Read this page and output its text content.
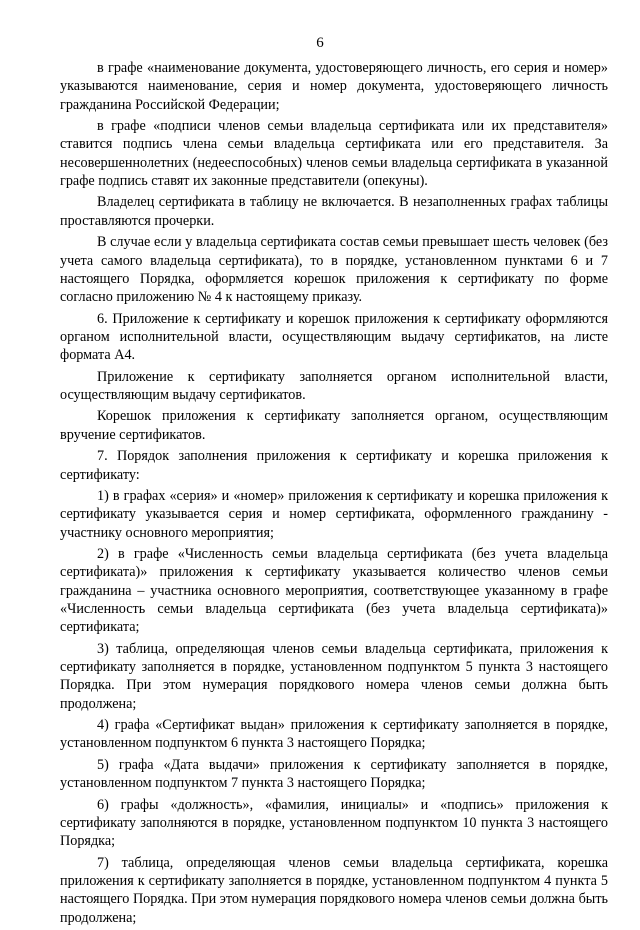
6

в графе «наименование документа, удостоверяющего личность, его серия и номер» указываются наименование, серия и номер документа, удостоверяющего личность гражданина Российской Федерации;

в графе «подписи членов семьи владельца сертификата или их представителя» ставится подпись члена семьи владельца сертификата или его представителя. За несовершеннолетних (недееспособных) членов семьи владельца сертификата в указанной графе подпись ставят их законные представители (опекуны).

Владелец сертификата в таблицу не включается. В незаполненных графах таблицы проставляются прочерки.

В случае если у владельца сертификата состав семьи превышает шесть человек (без учета самого владельца сертификата), то в порядке, установленном пунктами 6 и 7 настоящего Порядка, оформляется корешок приложения к сертификату по форме согласно приложению № 4 к настоящему приказу.

6. Приложение к сертификату и корешок приложения к сертификату оформляются органом исполнительной власти, осуществляющим выдачу сертификатов, на листе формата А4.

Приложение к сертификату заполняется органом исполнительной власти, осуществляющим выдачу сертификатов.

Корешок приложения к сертификату заполняется органом, осуществляющим вручение сертификатов.

7. Порядок заполнения приложения к сертификату и корешка приложения к сертификату:

1) в графах «серия» и «номер» приложения к сертификату и корешка приложения к сертификату указывается серия и номер сертификата, оформленного гражданину - участнику основного мероприятия;

2) в графе «Численность семьи владельца сертификата (без учета владельца сертификата)» приложения к сертификату указывается количество членов семьи гражданина – участника основного мероприятия, соответствующее указанному в графе «Численность семьи владельца сертификата (без учета владельца сертификата)» сертификата;

3) таблица, определяющая членов семьи владельца сертификата, приложения к сертификату заполняется в порядке, установленном подпунктом 5 пункта 3 настоящего Порядка. При этом нумерация порядкового номера членов семьи должна быть продолжена;

4) графа «Сертификат выдан» приложения к сертификату заполняется в порядке, установленном подпунктом 6 пункта 3 настоящего Порядка;

5) графа «Дата выдачи» приложения к сертификату заполняется в порядке, установленном подпунктом 7 пункта 3 настоящего Порядка;

6) графы «должность», «фамилия, инициалы» и «подпись» приложения к сертификату заполняются в порядке, установленном подпунктом 10 пункта 3 настоящего Порядка;

7) таблица, определяющая членов семьи владельца сертификата, корешка приложения к сертификату заполняется в порядке, установленном подпунктом 4 пункта 5 настоящего Порядка. При этом нумерация порядкового номера членов семьи должна быть продолжена;
